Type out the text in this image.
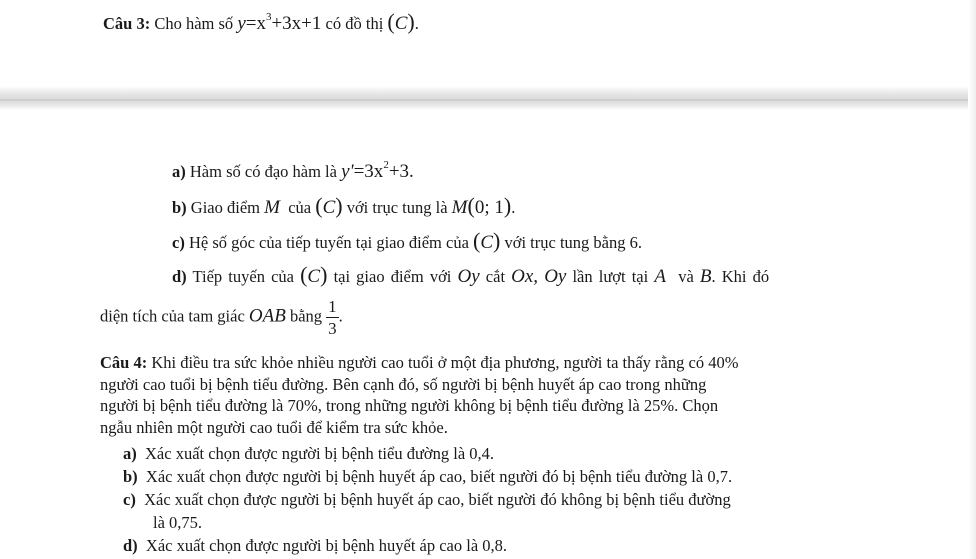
Câu 3: Cho hàm số $y=x^3+3x+1$ có đồ thị (C).
a) Hàm số có đạo hàm là $y'=3x^2+3$.
b) Giao điểm M của (C) với trục tung là M(0; 1).
c) Hệ số góc của tiếp tuyến tại giao điểm của (C) với trục tung bằng 6.
d) Tiếp tuyến của (C) tại giao điểm với Oy cắt Ox, Oy lần lượt tại A và B. Khi đó
diện tích của tam giác OAB bằng $\frac{1}{3}$ .

Câu 4: Khi điều tra sức khỏe nhiều người cao tuổi ở một địa phương, người ta thấy rằng có 40%

người cao tuổi bị bệnh tiểu đường. Bên cạnh đó, số người bị bệnh huyết áp cao trong những

người bị bệnh tiểu đường là 70%, trong những người không bị bệnh tiểu đường là 25%. Chọn

ngẫu nhiên một người cao tuổi để kiểm tra sức khỏe.

a) Xác xuất chọn được người bị bệnh tiểu đường là 0,4.
b) Xác xuất chọn được người bị bệnh huyết áp cao, biết người đó bị bệnh tiểu đường là 0,7.
c) Xác xuất chọn được người bị bệnh huyết áp cao, biết người đó không bị bệnh tiểu đường
là 0,75.
d) Xác xuất chọn được người bị bệnh huyết áp cao là 0,8.
